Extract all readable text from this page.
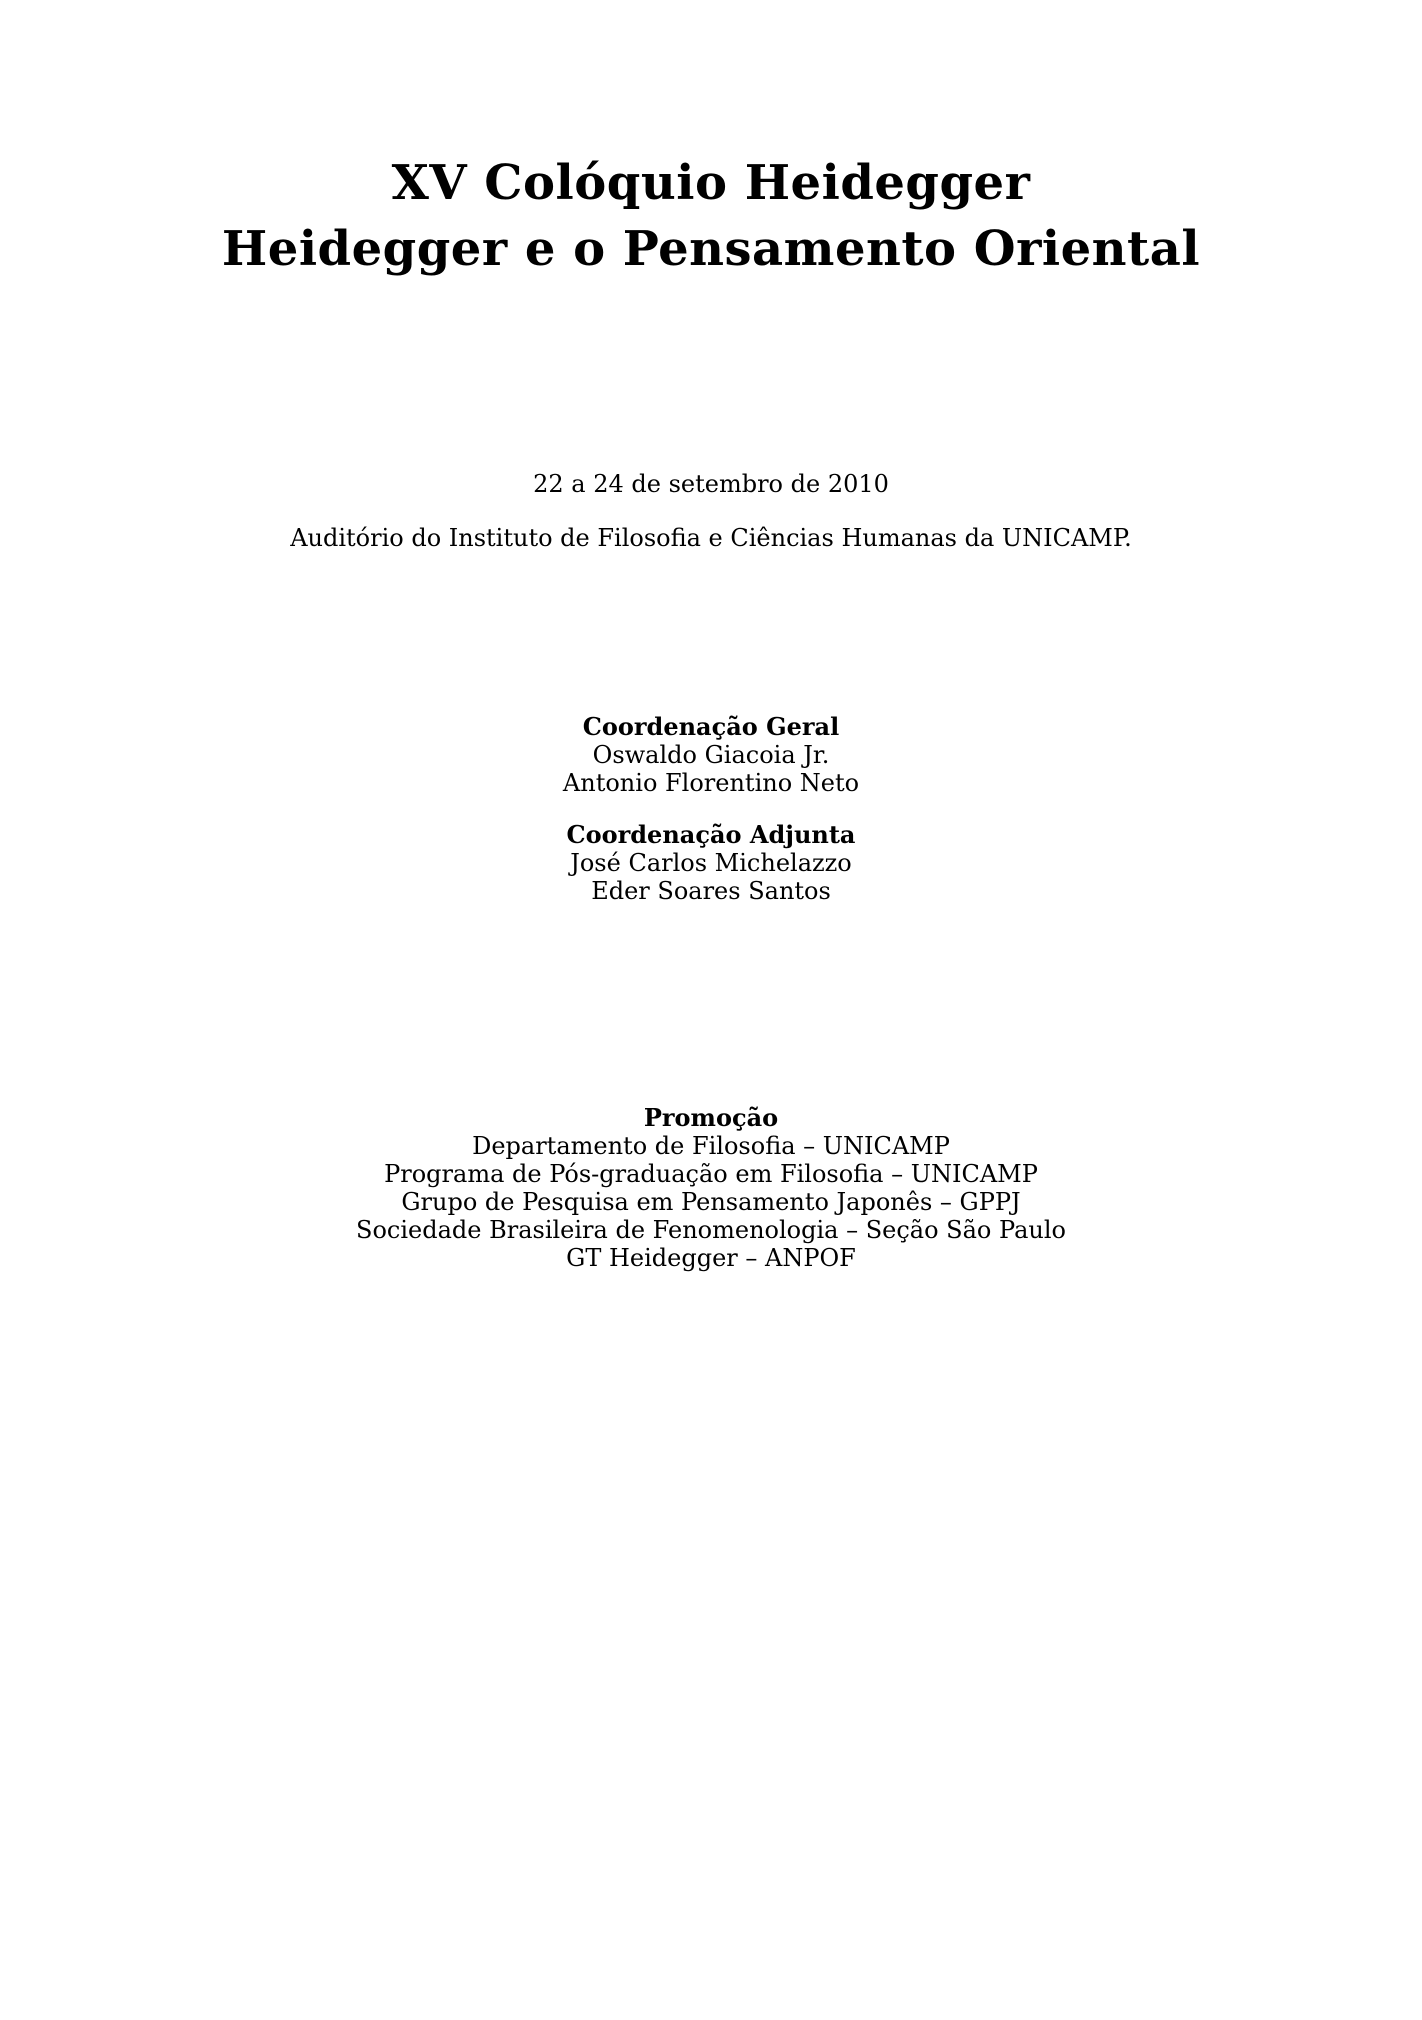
XV Colóquio Heidegger
Heidegger e o Pensamento Oriental
22 a 24 de setembro de 2010
Auditório do Instituto de Filosofia e Ciências Humanas da UNICAMP.
Coordenação Geral
Oswaldo Giacoia Jr.
Antonio Florentino Neto
Coordenação Adjunta
José Carlos Michelazzo
Eder Soares Santos
Promoção
Departamento de Filosofia – UNICAMP
Programa de Pós-graduação em Filosofia – UNICAMP
Grupo de Pesquisa em Pensamento Japonês – GPPJ
Sociedade Brasileira de Fenomenologia – Seção São Paulo
GT Heidegger – ANPOF
